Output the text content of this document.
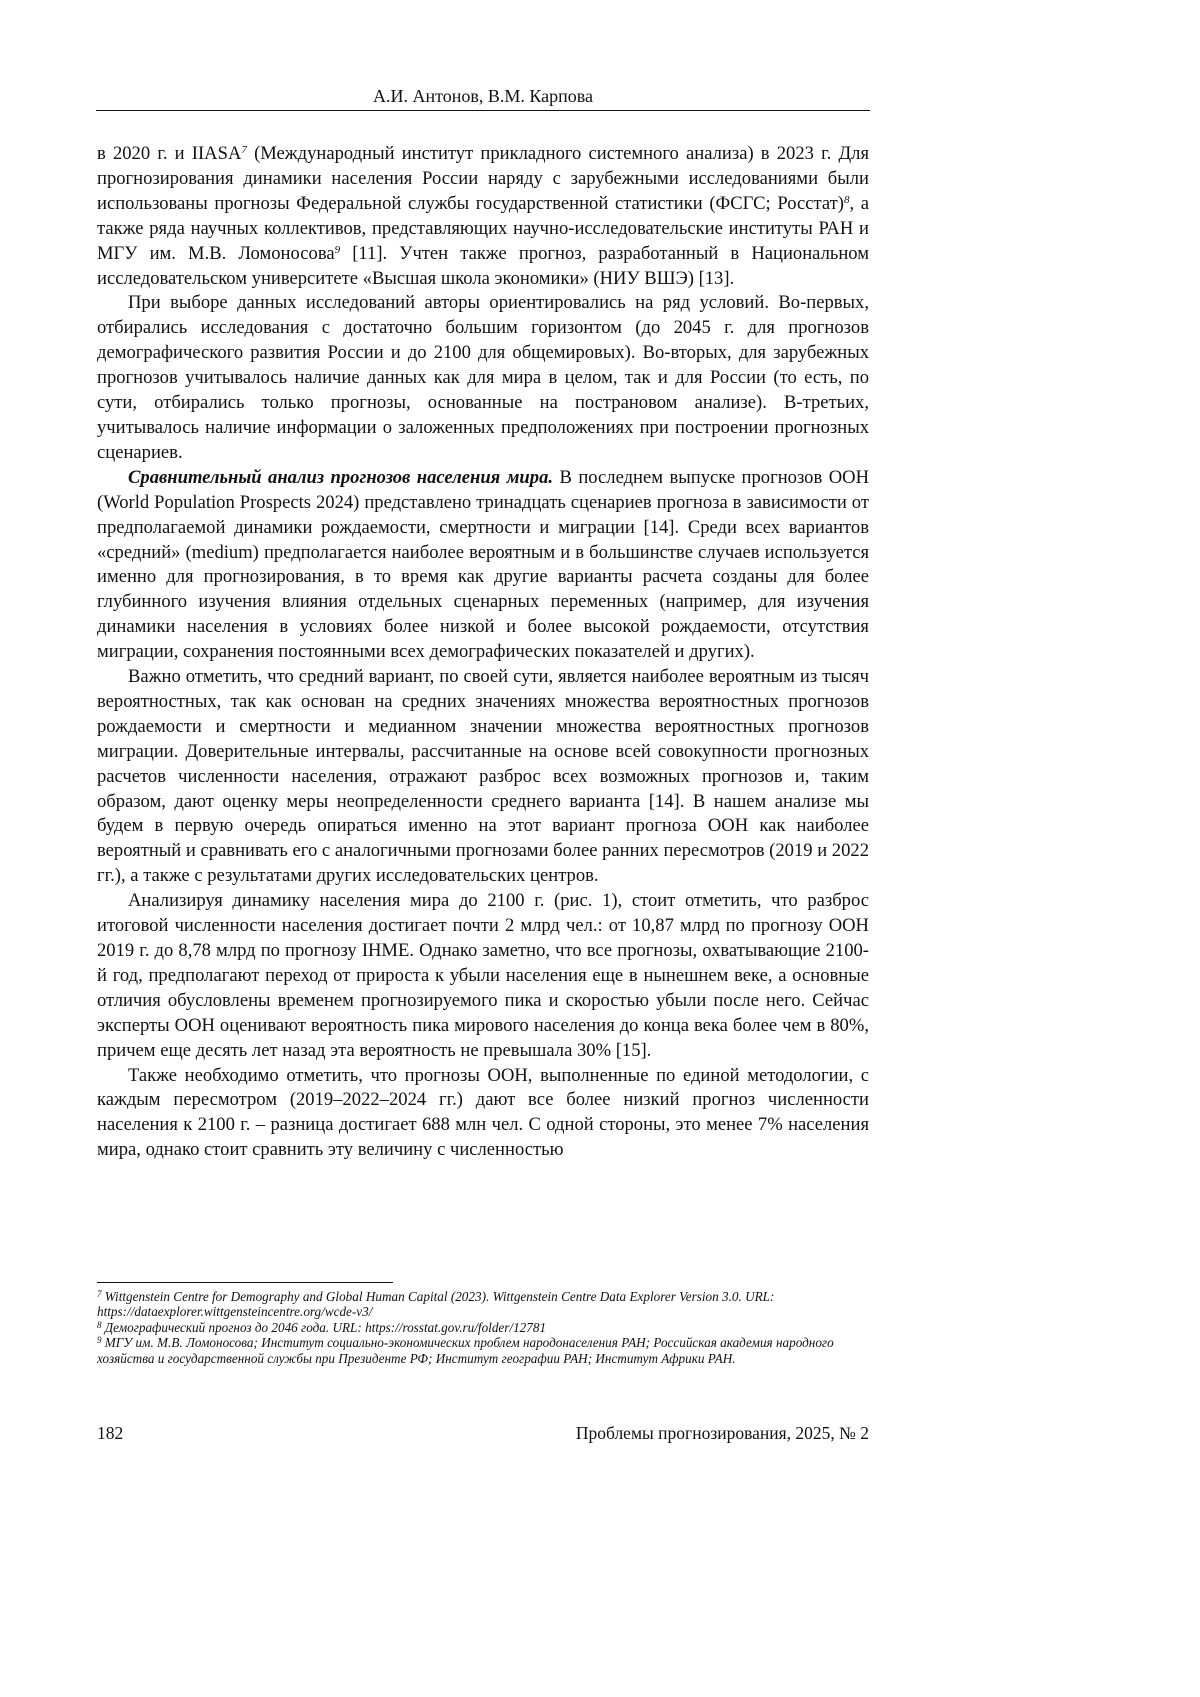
А.И. Антонов, В.М. Карпова

в 2020 г. и IIASA$^7$ (Международный институт прикладного системного анализа) в 2023 г. Для прогнозирования динамики населения России наряду с зарубежными исследованиями были использованы прогнозы Федеральной службы государственной статистики (ФСГС; Росстат)$^8$, а также ряда научных коллективов, представляющих научно-исследовательские институты РАН и МГУ им. М.В. Ломоносова$^9$ [11]. Учтен также прогноз, разработанный в Национальном исследовательском университете «Высшая школа экономики» (НИУ ВШЭ) [13].

При выборе данных исследований авторы ориентировались на ряд условий. Во-первых, отбирались исследования с достаточно большим горизонтом (до 2045 г. для прогнозов демографического развития России и до 2100 для общемировых). Во-вторых, для зарубежных прогнозов учитывалось наличие данных как для мира в целом, так и для России (то есть, по сути, отбирались только прогнозы, основанные на пострановом анализе). В-третьих, учитывалось наличие информации о заложенных предположениях при построении прогнозных сценариев.

Сравнительный анализ прогнозов населения мира. В последнем выпуске прогнозов ООН (World Population Prospects 2024) представлено тринадцать сценариев прогноза в зависимости от предполагаемой динамики рождаемости, смертности и миграции [14]. Среди всех вариантов «средний» (medium) предполагается наиболее вероятным и в большинстве случаев используется именно для прогнозирования, в то время как другие варианты расчета созданы для более глубинного изучения влияния отдельных сценарных переменных (например, для изучения динамики населения в условиях более низкой и более высокой рождаемости, отсутствия миграции, сохранения постоянными всех демографических показателей и других).

Важно отметить, что средний вариант, по своей сути, является наиболее вероятным из тысяч вероятностных, так как основан на средних значениях множества вероятностных прогнозов рождаемости и смертности и медианном значении множества вероятностных прогнозов миграции. Доверительные интервалы, рассчитанные на основе всей совокупности прогнозных расчетов численности населения, отражают разброс всех возможных прогнозов и, таким образом, дают оценку меры неопределенности среднего варианта [14]. В нашем анализе мы будем в первую очередь опираться именно на этот вариант прогноза ООН как наиболее вероятный и сравнивать его с аналогичными прогнозами более ранних пересмотров (2019 и 2022 гг.), а также с результатами других исследовательских центров.

Анализируя динамику населения мира до 2100 г. (рис. 1), стоит отметить, что разброс итоговой численности населения достигает почти 2 млрд чел.: от 10,87 млрд по прогнозу ООН 2019 г. до 8,78 млрд по прогнозу IHME. Однако заметно, что все прогнозы, охватывающие 2100-й год, предполагают переход от прироста к убыли населения еще в нынешнем веке, а основные отличия обусловлены временем прогнозируемого пика и скоростью убыли после него. Сейчас эксперты ООН оценивают вероятность пика мирового населения до конца века более чем в 80%, причем еще десять лет назад эта вероятность не превышала 30% [15].

Также необходимо отметить, что прогнозы ООН, выполненные по единой методологии, с каждым пересмотром (2019–2022–2024 гг.) дают все более низкий прогноз численности населения к 2100 г. – разница достигает 688 млн чел. С одной стороны, это менее 7% населения мира, однако стоит сравнить эту величину с численностью

$^7$ Wittgenstein Centre for Demography and Global Human Capital (2023). Wittgenstein Centre Data Explorer Version 3.0. URL: https://dataexplorer.wittgensteincentre.org/wcde-v3/

$^8$ Демографический прогноз до 2046 года. URL: https://rosstat.gov.ru/folder/12781

$^9$ МГУ им. М.В. Ломоносова; Институт социально-экономических проблем народонаселения РАН; Российская академия народного хозяйства и государственной службы при Президенте РФ; Институт географии РАН; Институт Африки РАН.

182	Проблемы прогнозирования, 2025, № 2
